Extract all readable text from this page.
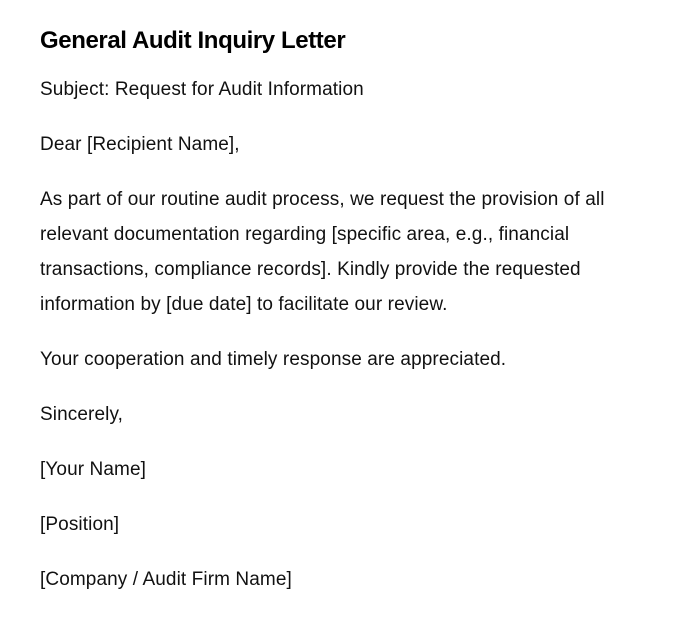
General Audit Inquiry Letter

Subject: Request for Audit Information

Dear [Recipient Name],

As part of our routine audit process, we request the provision of all relevant documentation regarding [specific area, e.g., financial transactions, compliance records]. Kindly provide the requested information by [due date] to facilitate our review.

Your cooperation and timely response are appreciated.

Sincerely,

[Your Name]

[Position]

[Company / Audit Firm Name]
